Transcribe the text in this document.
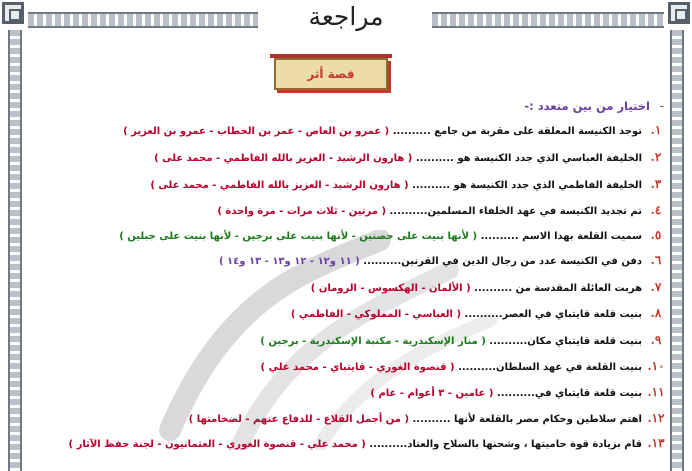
مراجعة
قصة أثر
-
اختيار من بين متعدد :-
١.توجد الكنيسة المعلقة على مقربة من جامع .......... ( عمرو بن العاص - عمر بن الخطاب - عمرو بن العزيز )
٢.الخليفة العباسي الذي جدد الكنيسة هو .......... ( هارون الرشيد - العزيز بالله الفاطمي - محمد على )
٣.الخليفة الفاطمي الذي جدد الكنيسة هو .......... ( هارون الرشيد - العزيز بالله الفاطمي - محمد على )
٤.تم تجديد الكنيسة في عهد الخلفاء المسلمين.......... ( مرتين - ثلاث مرات - مرة واحدة )
٥.سميت القلعة بهذا الاسم .......... ( لأنها بنيت على حصنين - لأنها بنيت على برجين - لأنها بنيت على جبلين )
٦.دفن في الكنيسة عدد من رجال الدين في القرنين.......... ( ١١ و١٢ - ١٢ و١٣ - ١٣ و١٤ )
٧.هربت العائلة المقدسة من .......... ( الألمان - الهكسوس - الرومان )
٨.بنيت قلعة قايتباي في العصر.......... ( العباسي - المملوكي - الفاطمي )
٩.بنيت قلعة قايتباي مكان.......... ( منار الإسكندرية - مكتبة الإسكندرية - برجين )
١٠.بنيت القلعة في عهد السلطان.......... ( قنصوة الغوري - قايتباي - محمد علي )
١١.بنيت قلعة قايتباي في.......... ( عامين - ٣ أعوام - عام )
١٢.اهتم سلاطين وحكام مصر بالقلعة لأنها .......... ( من أجمل القلاع - للدفاع عنهم - لضخامتها )
١٣.قام بزيادة قوة حاميتها ، وشحنها بالسلاح والعتاد.......... ( محمد علي - قنصوة الغوري - العثمانيون - لجنة حفظ الآثار )
